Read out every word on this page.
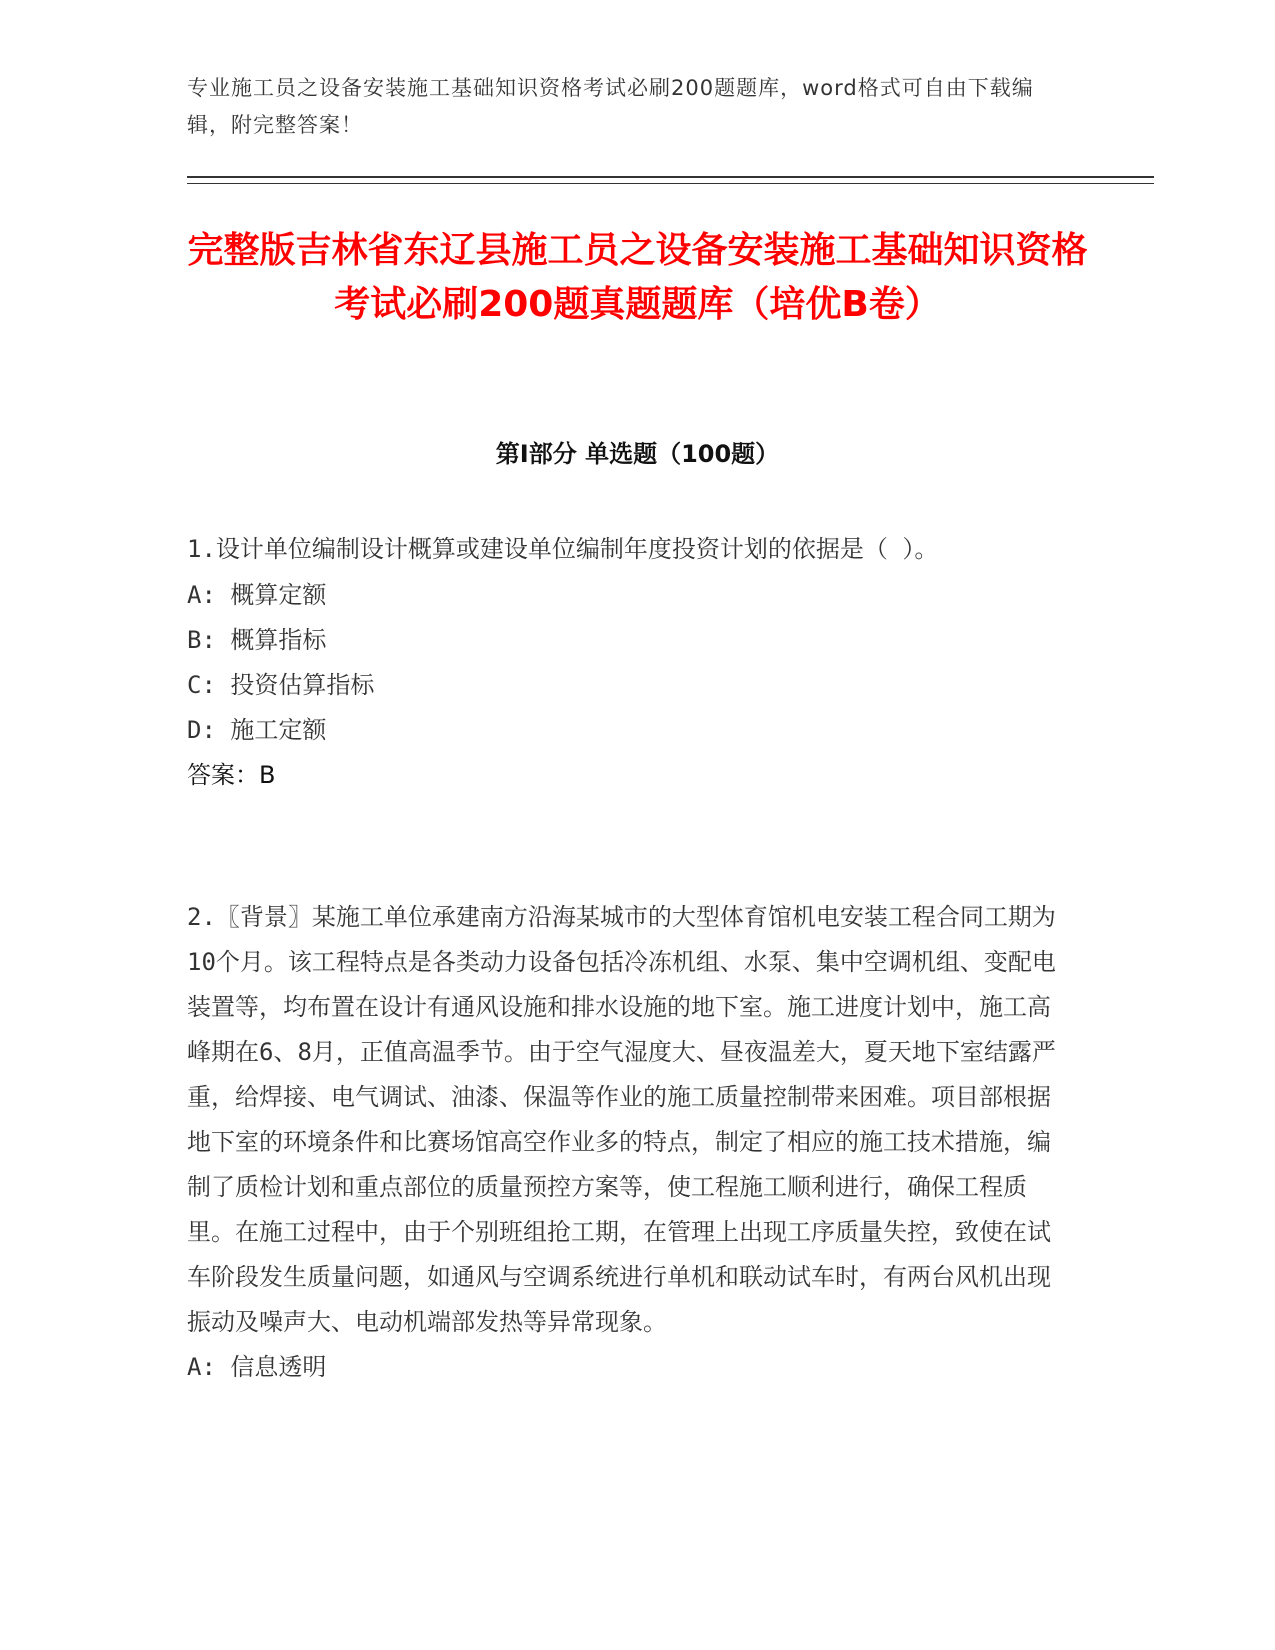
专业施工员之设备安装施工基础知识资格考试必刷200题题库，word格式可自由下载编辑，附完整答案！
完整版吉林省东辽县施工员之设备安装施工基础知识资格考试必刷200题真题题库（培优B卷）
第I部分 单选题（100题）

1.设计单位编制设计概算或建设单位编制年度投资计划的依据是（ ）。

A: 概算定额

B: 概算指标

C: 投资估算指标

D: 施工定额

答案：B

2.〖背景〗某施工单位承建南方沿海某城市的大型体育馆机电安装工程合同工期为10个月。该工程特点是各类动力设备包括冷冻机组、水泵、集中空调机组、变配电装置等，均布置在设计有通风设施和排水设施的地下室。施工进度计划中，施工高峰期在6、8月，正值高温季节。由于空气湿度大、昼夜温差大，夏天地下室结露严重，给焊接、电气调试、油漆、保温等作业的施工质量控制带来困难。项目部根据地下室的环境条件和比赛场馆高空作业多的特点，制定了相应的施工技术措施，编制了质检计划和重点部位的质量预控方案等，使工程施工顺利进行，确保工程质里。在施工过程中，由于个别班组抢工期，在管理上出现工序质量失控，致使在试车阶段发生质量问题，如通风与空调系统进行单机和联动试车时，有两台风机出现振动及噪声大、电动机端部发热等异常现象。

A: 信息透明
